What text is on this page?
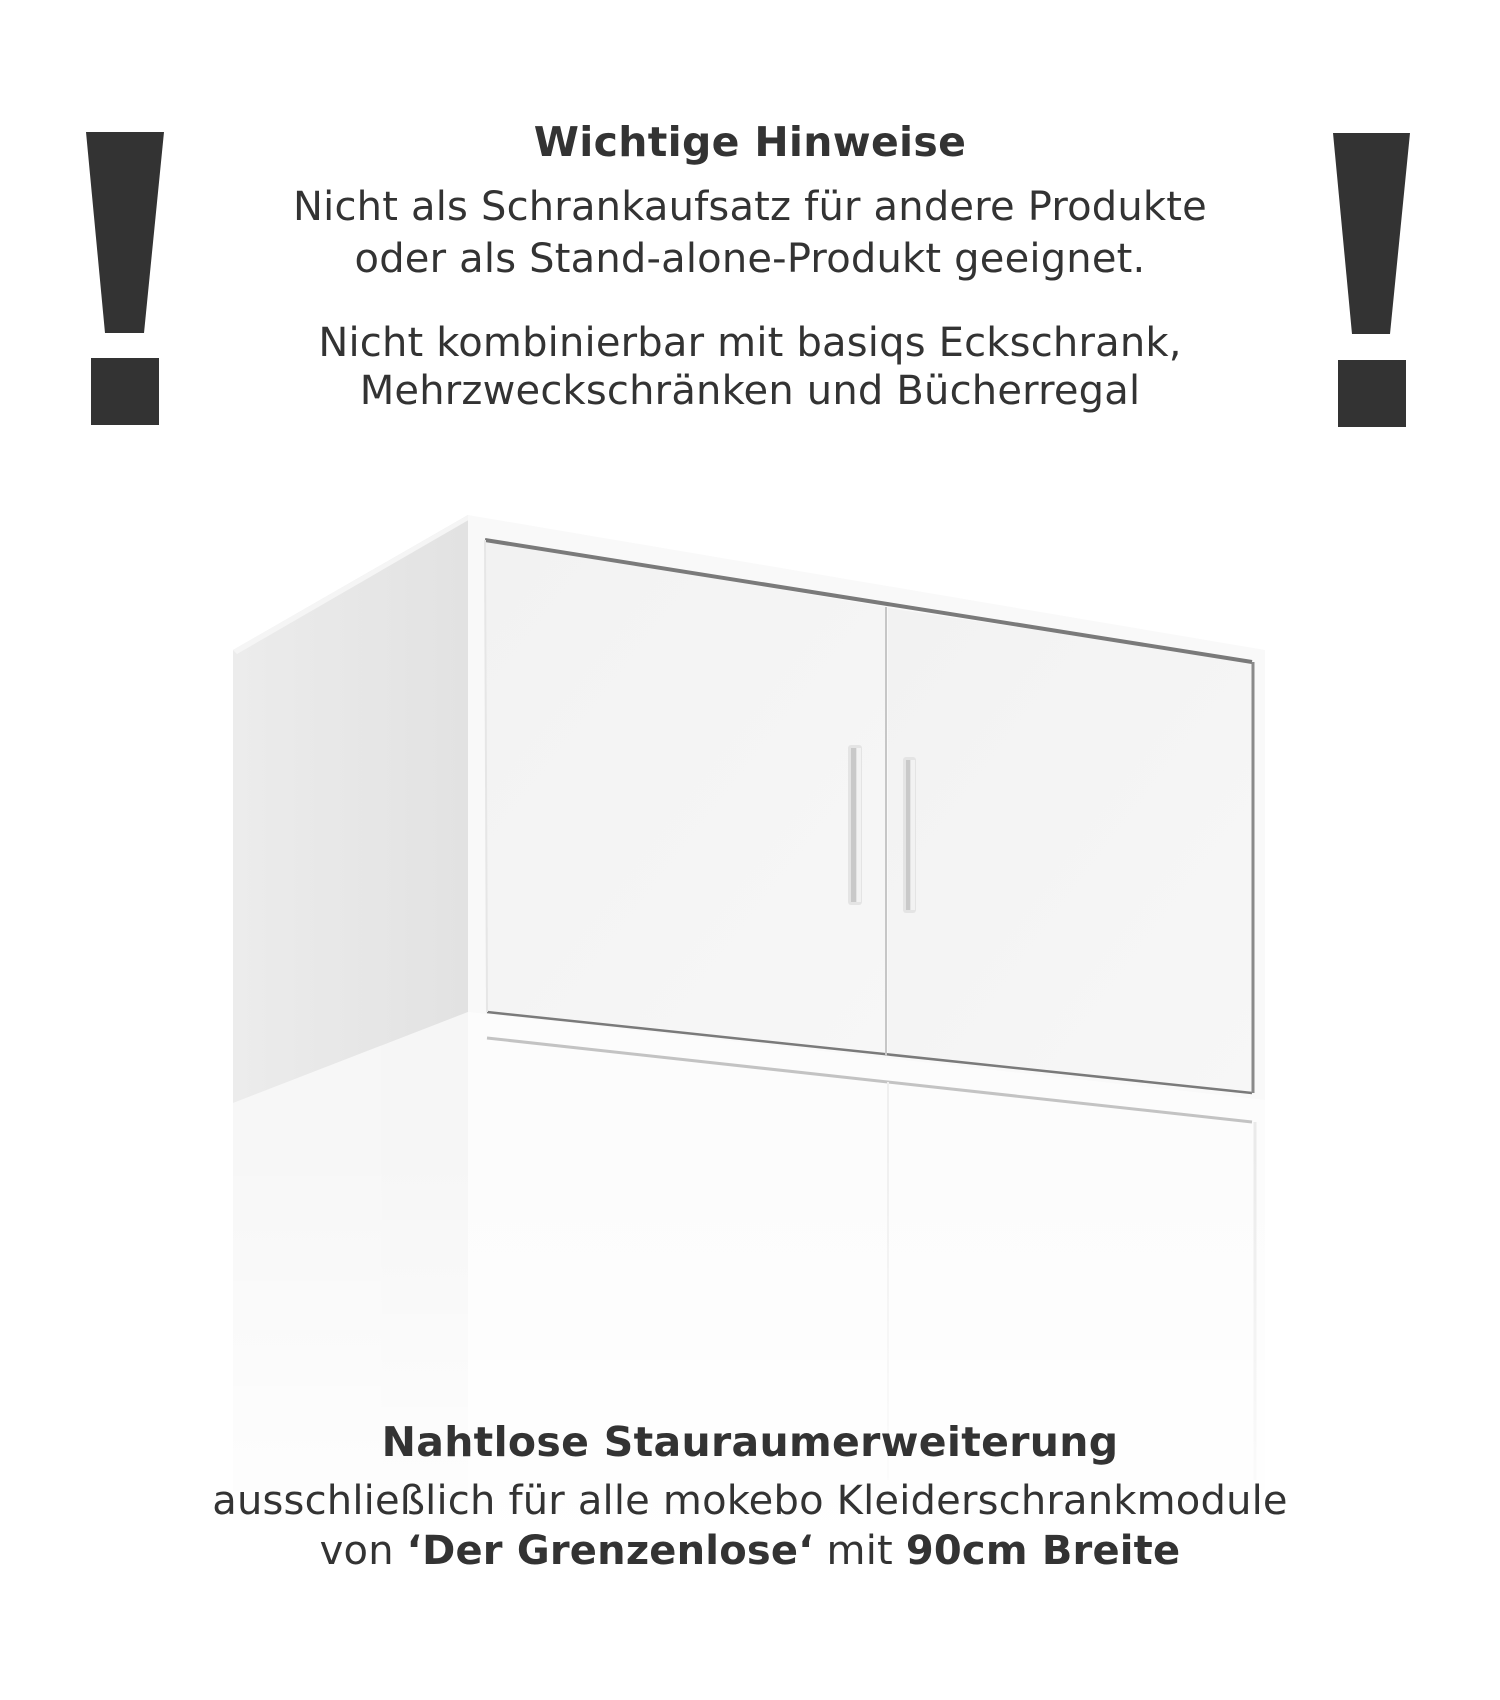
Wichtige Hinweise
Nicht als Schrankaufsatz für andere Produkte
oder als Stand-alone-Produkt geeignet.
Nicht kombinierbar mit basiqs Eckschrank,
Mehrzweckschränken und Bücherregal
Nahtlose Stauraumerweiterung
ausschließlich für alle mokebo Kleiderschrankmodule
von ‘Der Grenzenlose‘ mit 90cm Breite
